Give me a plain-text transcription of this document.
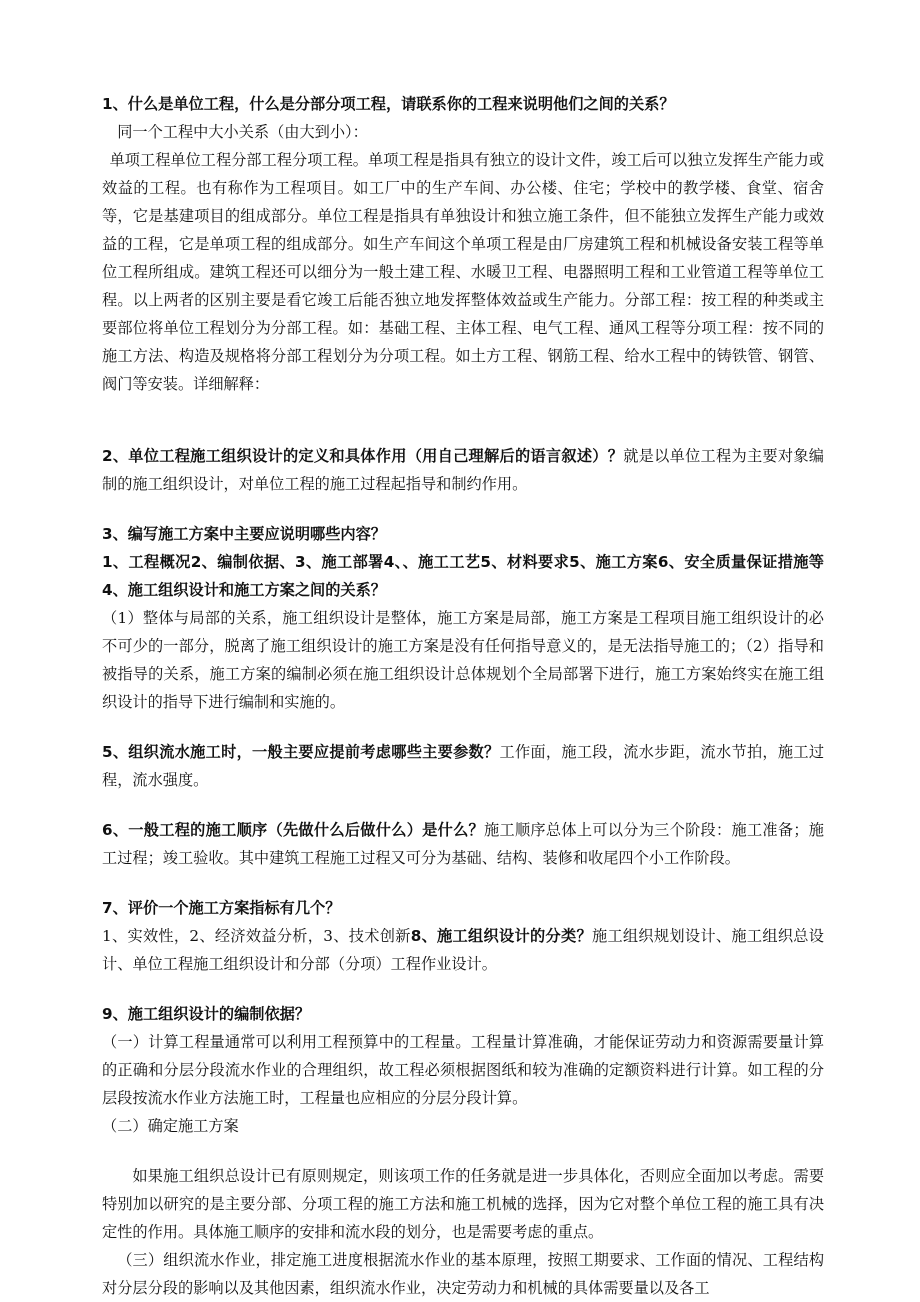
1、什么是单位工程，什么是分部分项工程，请联系你的工程来说明他们之间的关系？

同一个工程中大小关系（由大到小）：

单项工程单位工程分部工程分项工程。单项工程是指具有独立的设计文件，竣工后可以独立发挥生产能力或效益的工程。也有称作为工程项目。如工厂中的生产车间、办公楼、住宅；学校中的教学楼、食堂、宿舍等，它是基建项目的组成部分。单位工程是指具有单独设计和独立施工条件，但不能独立发挥生产能力或效益的工程，它是单项工程的组成部分。如生产车间这个单项工程是由厂房建筑工程和机械设备安装工程等单位工程所组成。建筑工程还可以细分为一般土建工程、水暖卫工程、电器照明工程和工业管道工程等单位工程。以上两者的区别主要是看它竣工后能否独立地发挥整体效益或生产能力。分部工程：按工程的种类或主要部位将单位工程划分为分部工程。如：基础工程、主体工程、电气工程、通风工程等分项工程：按不同的施工方法、构造及规格将分部工程划分为分项工程。如土方工程、钢筋工程、给水工程中的铸铁管、钢管、阀门等安装。详细解释：

2、单位工程施工组织设计的定义和具体作用（用自己理解后的语言叙述）？就是以单位工程为主要对象编制的施工组织设计，对单位工程的施工过程起指导和制约作用。

3、编写施工方案中主要应说明哪些内容？

1、工程概况2、编制依据、3、施工部署4、、施工工艺5、材料要求5、施工方案6、安全质量保证措施等4、施工组织设计和施工方案之间的关系？

（1）整体与局部的关系，施工组织设计是整体，施工方案是局部，施工方案是工程项目施工组织设计的必不可少的一部分，脱离了施工组织设计的施工方案是没有任何指导意义的，是无法指导施工的；（2）指导和被指导的关系，施工方案的编制必须在施工组织设计总体规划个全局部署下进行，施工方案始终实在施工组织设计的指导下进行编制和实施的。

5、组织流水施工时，一般主要应提前考虑哪些主要参数？工作面，施工段，流水步距，流水节拍，施工过程，流水强度。

6、一般工程的施工顺序（先做什么后做什么）是什么？施工顺序总体上可以分为三个阶段：施工准备；施工过程；竣工验收。其中建筑工程施工过程又可分为基础、结构、装修和收尾四个小工作阶段。

7、评价一个施工方案指标有几个？

1、实效性，2、经济效益分析，3、技术创新8、施工组织设计的分类？施工组织规划设计、施工组织总设计、单位工程施工组织设计和分部（分项）工程作业设计。

9、施工组织设计的编制依据？

（一）计算工程量通常可以利用工程预算中的工程量。工程量计算准确，才能保证劳动力和资源需要量计算的正确和分层分段流水作业的合理组织，故工程必须根据图纸和较为准确的定额资料进行计算。如工程的分层段按流水作业方法施工时，工程量也应相应的分层分段计算。

（二）确定施工方案

如果施工组织总设计已有原则规定，则该项工作的任务就是进一步具体化，否则应全面加以考虑。需要特别加以研究的是主要分部、分项工程的施工方法和施工机械的选择，因为它对整个单位工程的施工具有决定性的作用。具体施工顺序的安排和流水段的划分，也是需要考虑的重点。

（三）组织流水作业，排定施工进度根据流水作业的基本原理，按照工期要求、工作面的情况、工程结构对分层分段的影响以及其他因素，组织流水作业，决定劳动力和机械的具体需要量以及各工
